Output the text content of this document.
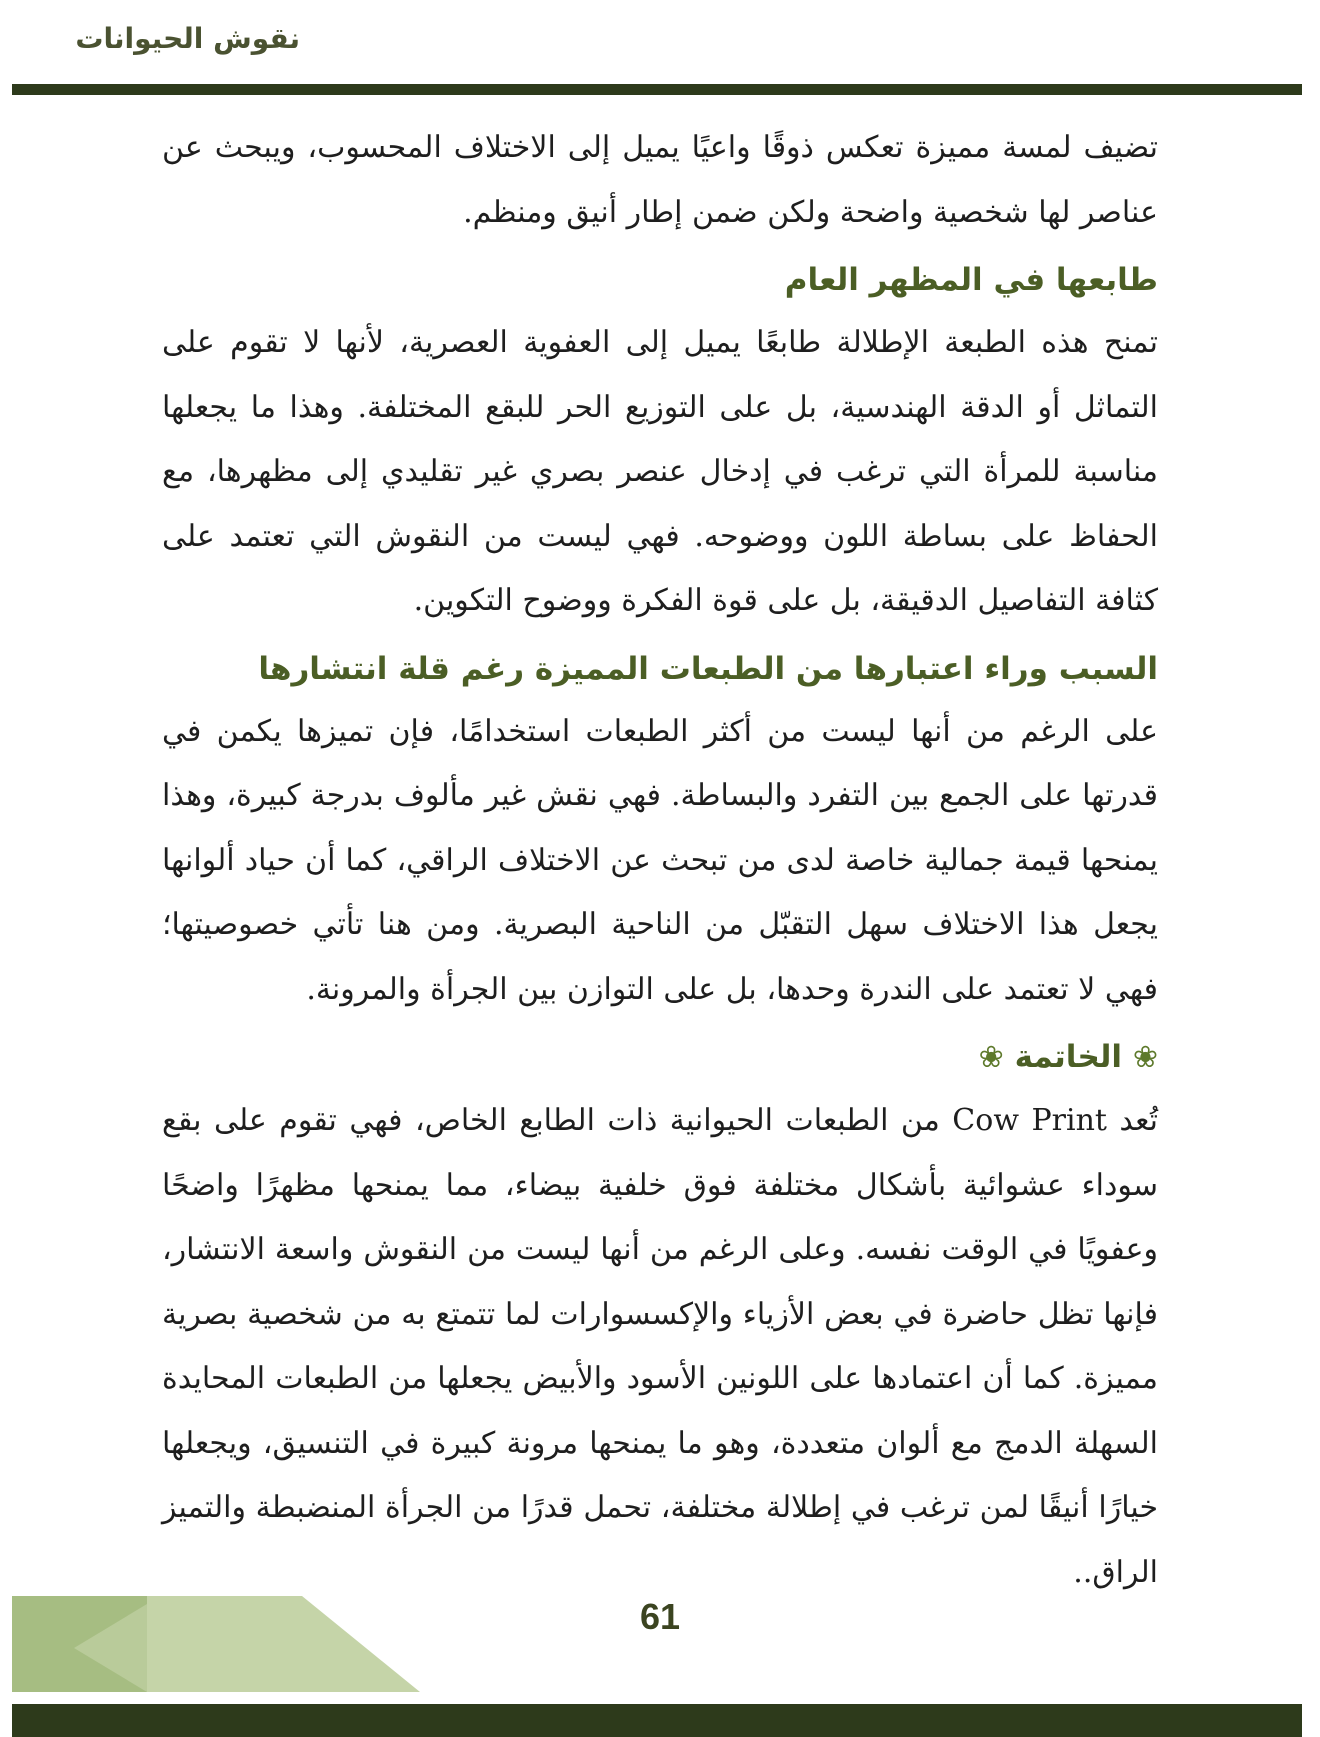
نقوش الحيوانات

تضيف لمسة مميزة تعكس ذوقًا واعيًا يميل إلى الاختلاف المحسوب، ويبحث عن عناصر لها شخصية واضحة ولكن ضمن إطار أنيق ومنظم.

طابعها في المظهر العام

تمنح هذه الطبعة الإطلالة طابعًا يميل إلى العفوية العصرية، لأنها لا تقوم على التماثل أو الدقة الهندسية، بل على التوزيع الحر للبقع المختلفة. وهذا ما يجعلها مناسبة للمرأة التي ترغب في إدخال عنصر بصري غير تقليدي إلى مظهرها، مع الحفاظ على بساطة اللون ووضوحه. فهي ليست من النقوش التي تعتمد على كثافة التفاصيل الدقيقة، بل على قوة الفكرة ووضوح التكوين.

السبب وراء اعتبارها من الطبعات المميزة رغم قلة انتشارها

على الرغم من أنها ليست من أكثر الطبعات استخدامًا، فإن تميزها يكمن في قدرتها على الجمع بين التفرد والبساطة. فهي نقش غير مألوف بدرجة كبيرة، وهذا يمنحها قيمة جمالية خاصة لدى من تبحث عن الاختلاف الراقي، كما أن حياد ألوانها يجعل هذا الاختلاف سهل التقبّل من الناحية البصرية. ومن هنا تأتي خصوصيتها؛ فهي لا تعتمد على الندرة وحدها، بل على التوازن بين الجرأة والمرونة.

❀ الخاتمة ❀

تُعد Cow Print من الطبعات الحيوانية ذات الطابع الخاص، فهي تقوم على بقع سوداء عشوائية بأشكال مختلفة فوق خلفية بيضاء، مما يمنحها مظهرًا واضحًا وعفويًا في الوقت نفسه. وعلى الرغم من أنها ليست من النقوش واسعة الانتشار، فإنها تظل حاضرة في بعض الأزياء والإكسسوارات لما تتمتع به من شخصية بصرية مميزة. كما أن اعتمادها على اللونين الأسود والأبيض يجعلها من الطبعات المحايدة السهلة الدمج مع ألوان متعددة، وهو ما يمنحها مرونة كبيرة في التنسيق، ويجعلها خيارًا أنيقًا لمن ترغب في إطلالة مختلفة، تحمل قدرًا من الجرأة المنضبطة والتميز الراق..

61
